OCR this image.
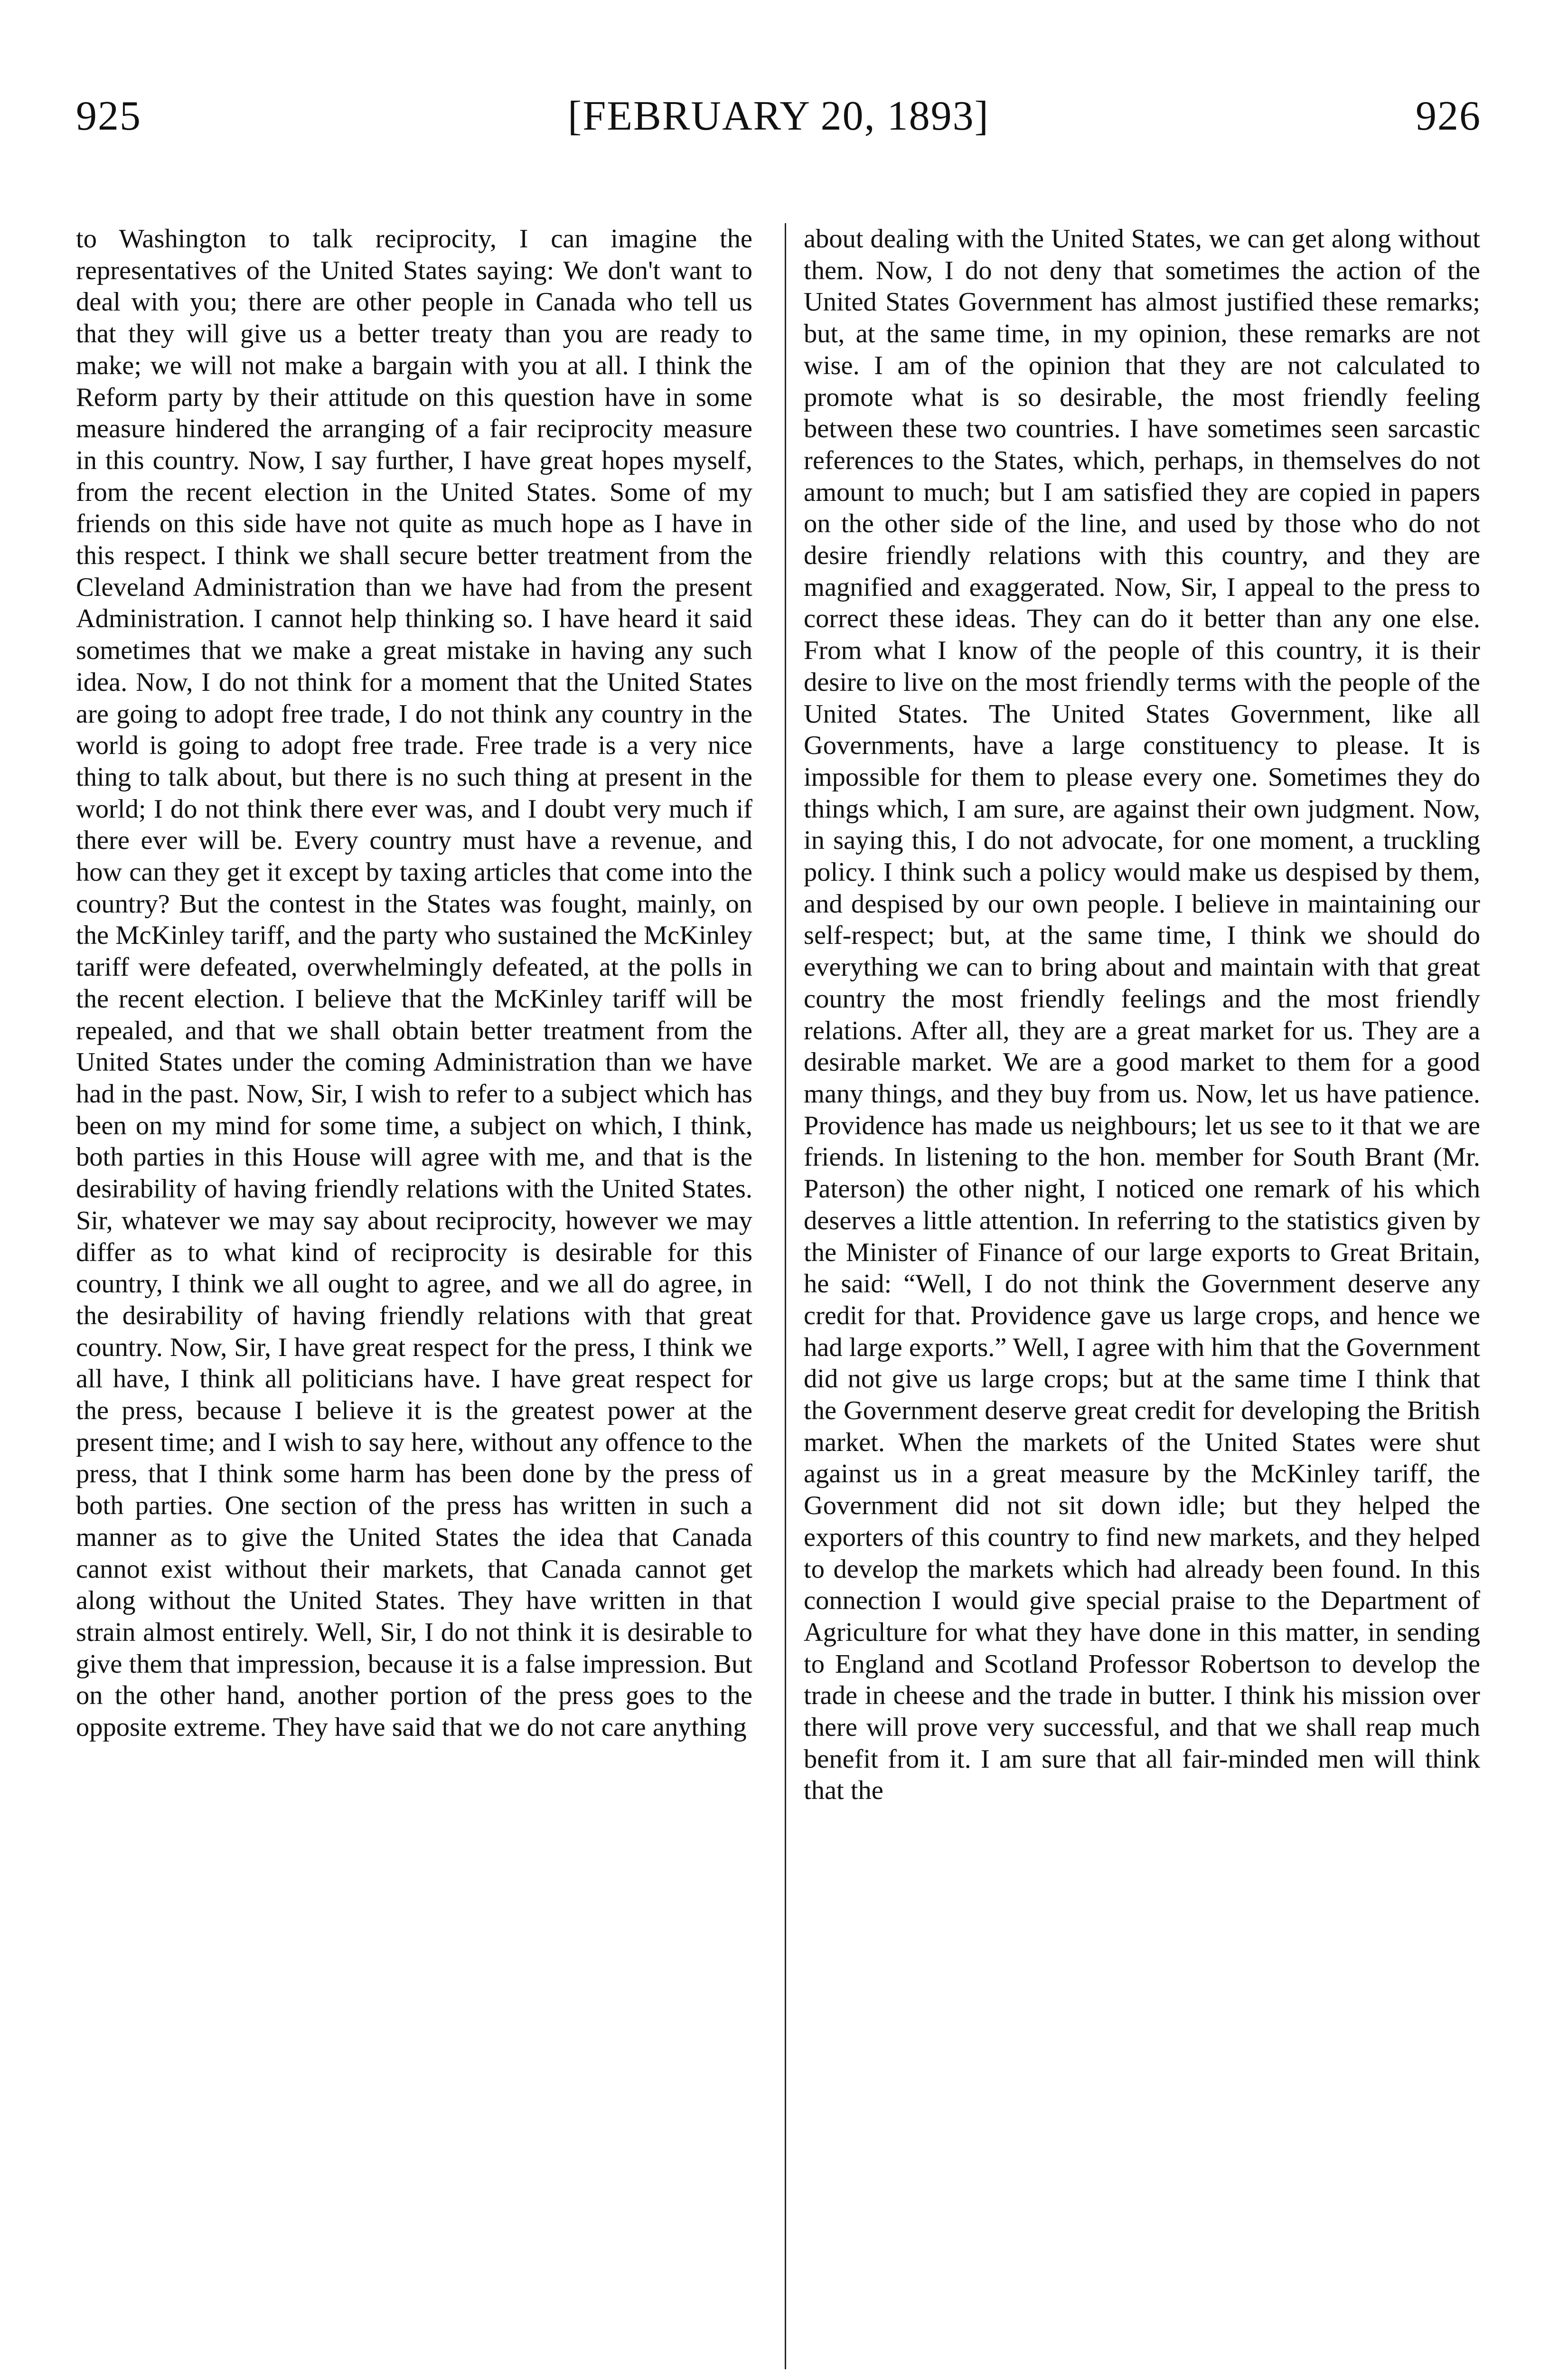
925	[FEBRUARY 20, 1893]	926

to Washington to talk reciprocity, I can imagine the representatives of the United States saying: We don't want to deal with you; there are other people in Canada who tell us that they will give us a better treaty than you are ready to make; we will not make a bargain with you at all. I think the Reform party by their attitude on this question have in some measure hindered the arranging of a fair reciprocity measure in this country. Now, I say further, I have great hopes myself, from the recent election in the United States. Some of my friends on this side have not quite as much hope as I have in this respect. I think we shall secure better treatment from the Cleveland Administration than we have had from the present Administration. I cannot help thinking so. I have heard it said sometimes that we make a great mistake in having any such idea. Now, I do not think for a moment that the United States are going to adopt free trade, I do not think any country in the world is going to adopt free trade. Free trade is a very nice thing to talk about, but there is no such thing at present in the world; I do not think there ever was, and I doubt very much if there ever will be. Every country must have a revenue, and how can they get it except by taxing articles that come into the country? But the contest in the States was fought, mainly, on the McKinley tariff, and the party who sustained the McKinley tariff were defeated, overwhelmingly defeated, at the polls in the recent election. I believe that the McKinley tariff will be repealed, and that we shall obtain better treatment from the United States under the coming Administration than we have had in the past. Now, Sir, I wish to refer to a subject which has been on my mind for some time, a subject on which, I think, both parties in this House will agree with me, and that is the desirability of having friendly relations with the United States. Sir, whatever we may say about reciprocity, however we may differ as to what kind of reciprocity is desirable for this country, I think we all ought to agree, and we all do agree, in the desirability of having friendly relations with that great country. Now, Sir, I have great respect for the press, I think we all have, I think all politicians have. I have great respect for the press, because I believe it is the greatest power at the present time; and I wish to say here, without any offence to the press, that I think some harm has been done by the press of both parties. One section of the press has written in such a manner as to give the United States the idea that Canada cannot exist without their markets, that Canada cannot get along without the United States. They have written in that strain almost entirely. Well, Sir, I do not think it is desirable to give them that impression, because it is a false impression. But on the other hand, another portion of the press goes to the opposite extreme. They have said that we do not care anything

about dealing with the United States, we can get along without them. Now, I do not deny that sometimes the action of the United States Government has almost justified these remarks; but, at the same time, in my opinion, these remarks are not wise. I am of the opinion that they are not calculated to promote what is so desirable, the most friendly feeling between these two countries. I have sometimes seen sarcastic references to the States, which, perhaps, in themselves do not amount to much; but I am satisfied they are copied in papers on the other side of the line, and used by those who do not desire friendly relations with this country, and they are magnified and exaggerated. Now, Sir, I appeal to the press to correct these ideas. They can do it better than any one else. From what I know of the people of this country, it is their desire to live on the most friendly terms with the people of the United States. The United States Government, like all Governments, have a large constituency to please. It is impossible for them to please every one. Sometimes they do things which, I am sure, are against their own judgment. Now, in saying this, I do not advocate, for one moment, a truckling policy. I think such a policy would make us despised by them, and despised by our own people. I believe in maintaining our self-respect; but, at the same time, I think we should do everything we can to bring about and maintain with that great country the most friendly feelings and the most friendly relations. After all, they are a great market for us. They are a desirable market. We are a good market to them for a good many things, and they buy from us. Now, let us have patience. Providence has made us neighbours; let us see to it that we are friends. In listening to the hon. member for South Brant (Mr. Paterson) the other night, I noticed one remark of his which deserves a little attention. In referring to the statistics given by the Minister of Finance of our large exports to Great Britain, he said: “Well, I do not think the Government deserve any credit for that. Providence gave us large crops, and hence we had large exports.” Well, I agree with him that the Government did not give us large crops; but at the same time I think that the Government deserve great credit for developing the British market. When the markets of the United States were shut against us in a great measure by the McKinley tariff, the Government did not sit down idle; but they helped the exporters of this country to find new markets, and they helped to develop the markets which had already been found. In this connection I would give special praise to the Department of Agriculture for what they have done in this matter, in sending to England and Scotland Professor Robertson to develop the trade in cheese and the trade in butter. I think his mission over there will prove very successful, and that we shall reap much benefit from it. I am sure that all fair-minded men will think that the
